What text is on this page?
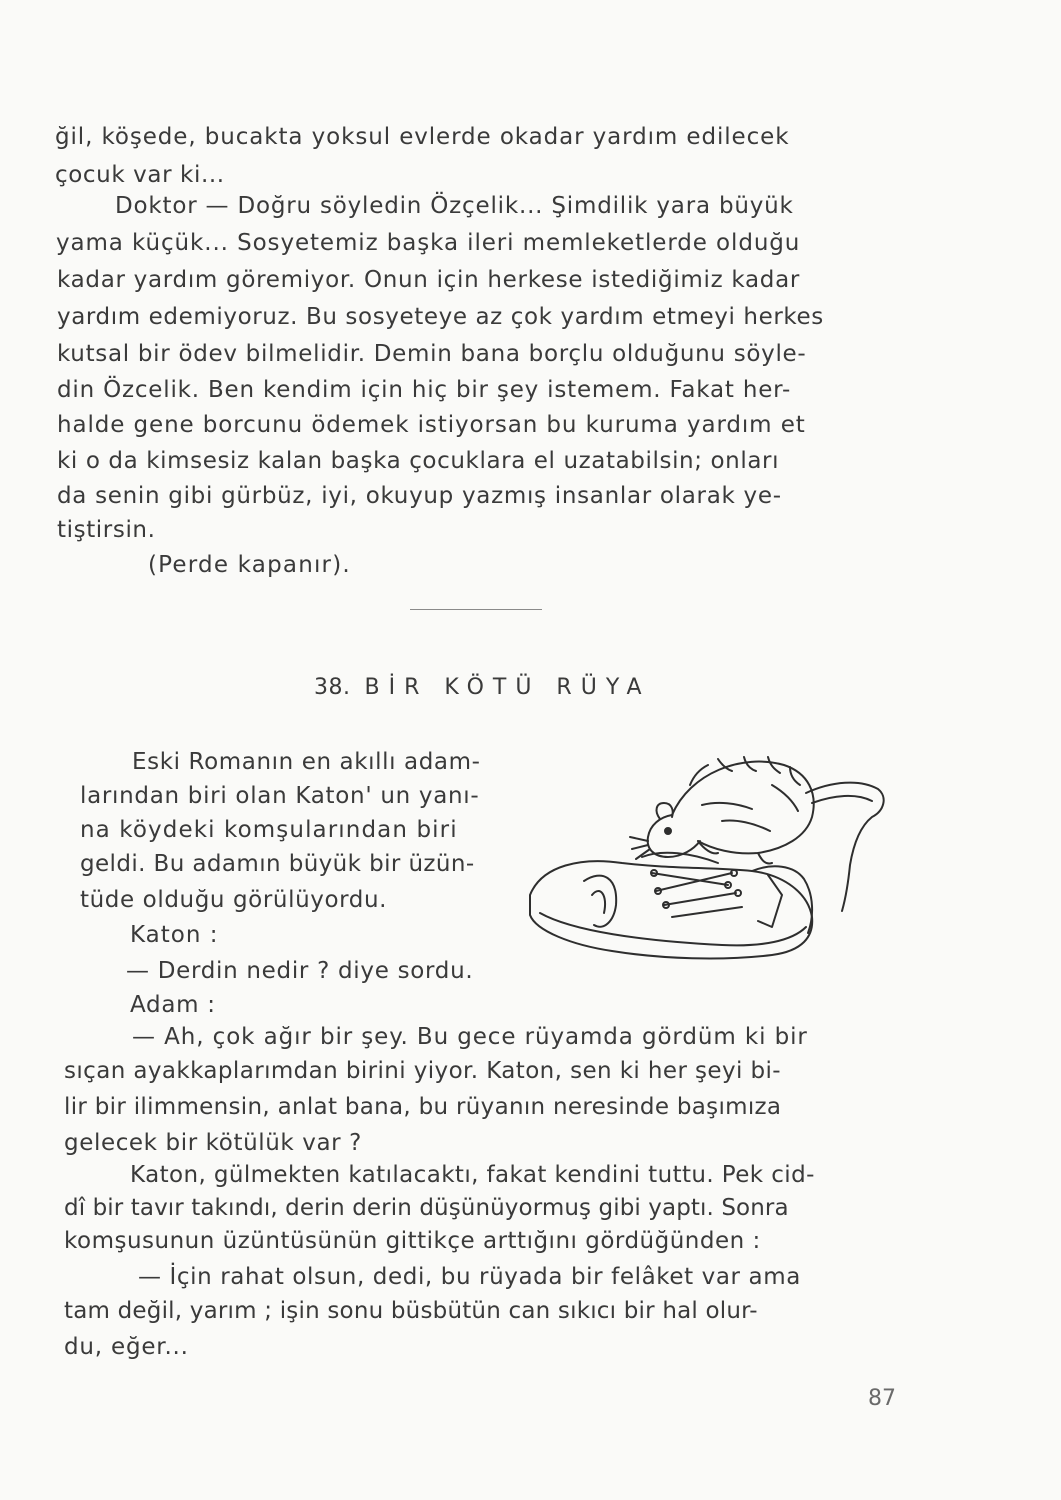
ğil, köşede, bucakta yoksul evlerde okadar yardım edilecek
çocuk var ki...
Doktor — Doğru söyledin Özçelik... Şimdilik yara büyük
yama küçük... Sosyetemiz başka ileri memleketlerde olduğu
kadar yardım göremiyor. Onun için herkese istediğimiz kadar
yardım edemiyoruz. Bu sosyeteye az çok yardım etmeyi herkes
kutsal bir ödev bilmelidir. Demin bana borçlu olduğunu söyle-
din Özcelik. Ben kendim için hiç bir şey istemem. Fakat her-
halde gene borcunu ödemek istiyorsan bu kuruma yardım et
ki o da kimsesiz kalan başka çocuklara el uzatabilsin; onları
da senin gibi gürbüz, iyi, okuyup yazmış insanlar olarak ye-
tiştirsin.
(Perde kapanır).
38. BİR KÖTÜ RÜYA
Eski Romanın en akıllı adam-
larından biri olan Katon' un yanı-
na köydeki komşularından biri
geldi. Bu adamın büyük bir üzün-
tüde olduğu görülüyordu.
Katon :
— Derdin nedir ? diye sordu.
Adam :
— Ah, çok ağır bir şey. Bu gece rüyamda gördüm ki bir
sıçan ayakkaplarımdan birini yiyor. Katon, sen ki her şeyi bi-
lir bir ilimmensin, anlat bana, bu rüyanın neresinde başımıza
gelecek bir kötülük var ?
Katon, gülmekten katılacaktı, fakat kendini tuttu. Pek cid-
dî bir tavır takındı, derin derin düşünüyormuş gibi yaptı. Sonra
komşusunun üzüntüsünün gittikçe arttığını gördüğünden :
— İçin rahat olsun, dedi, bu rüyada bir felâket var ama
tam değil, yarım ; işin sonu büsbütün can sıkıcı bir hal olur-
du, eğer...
87
